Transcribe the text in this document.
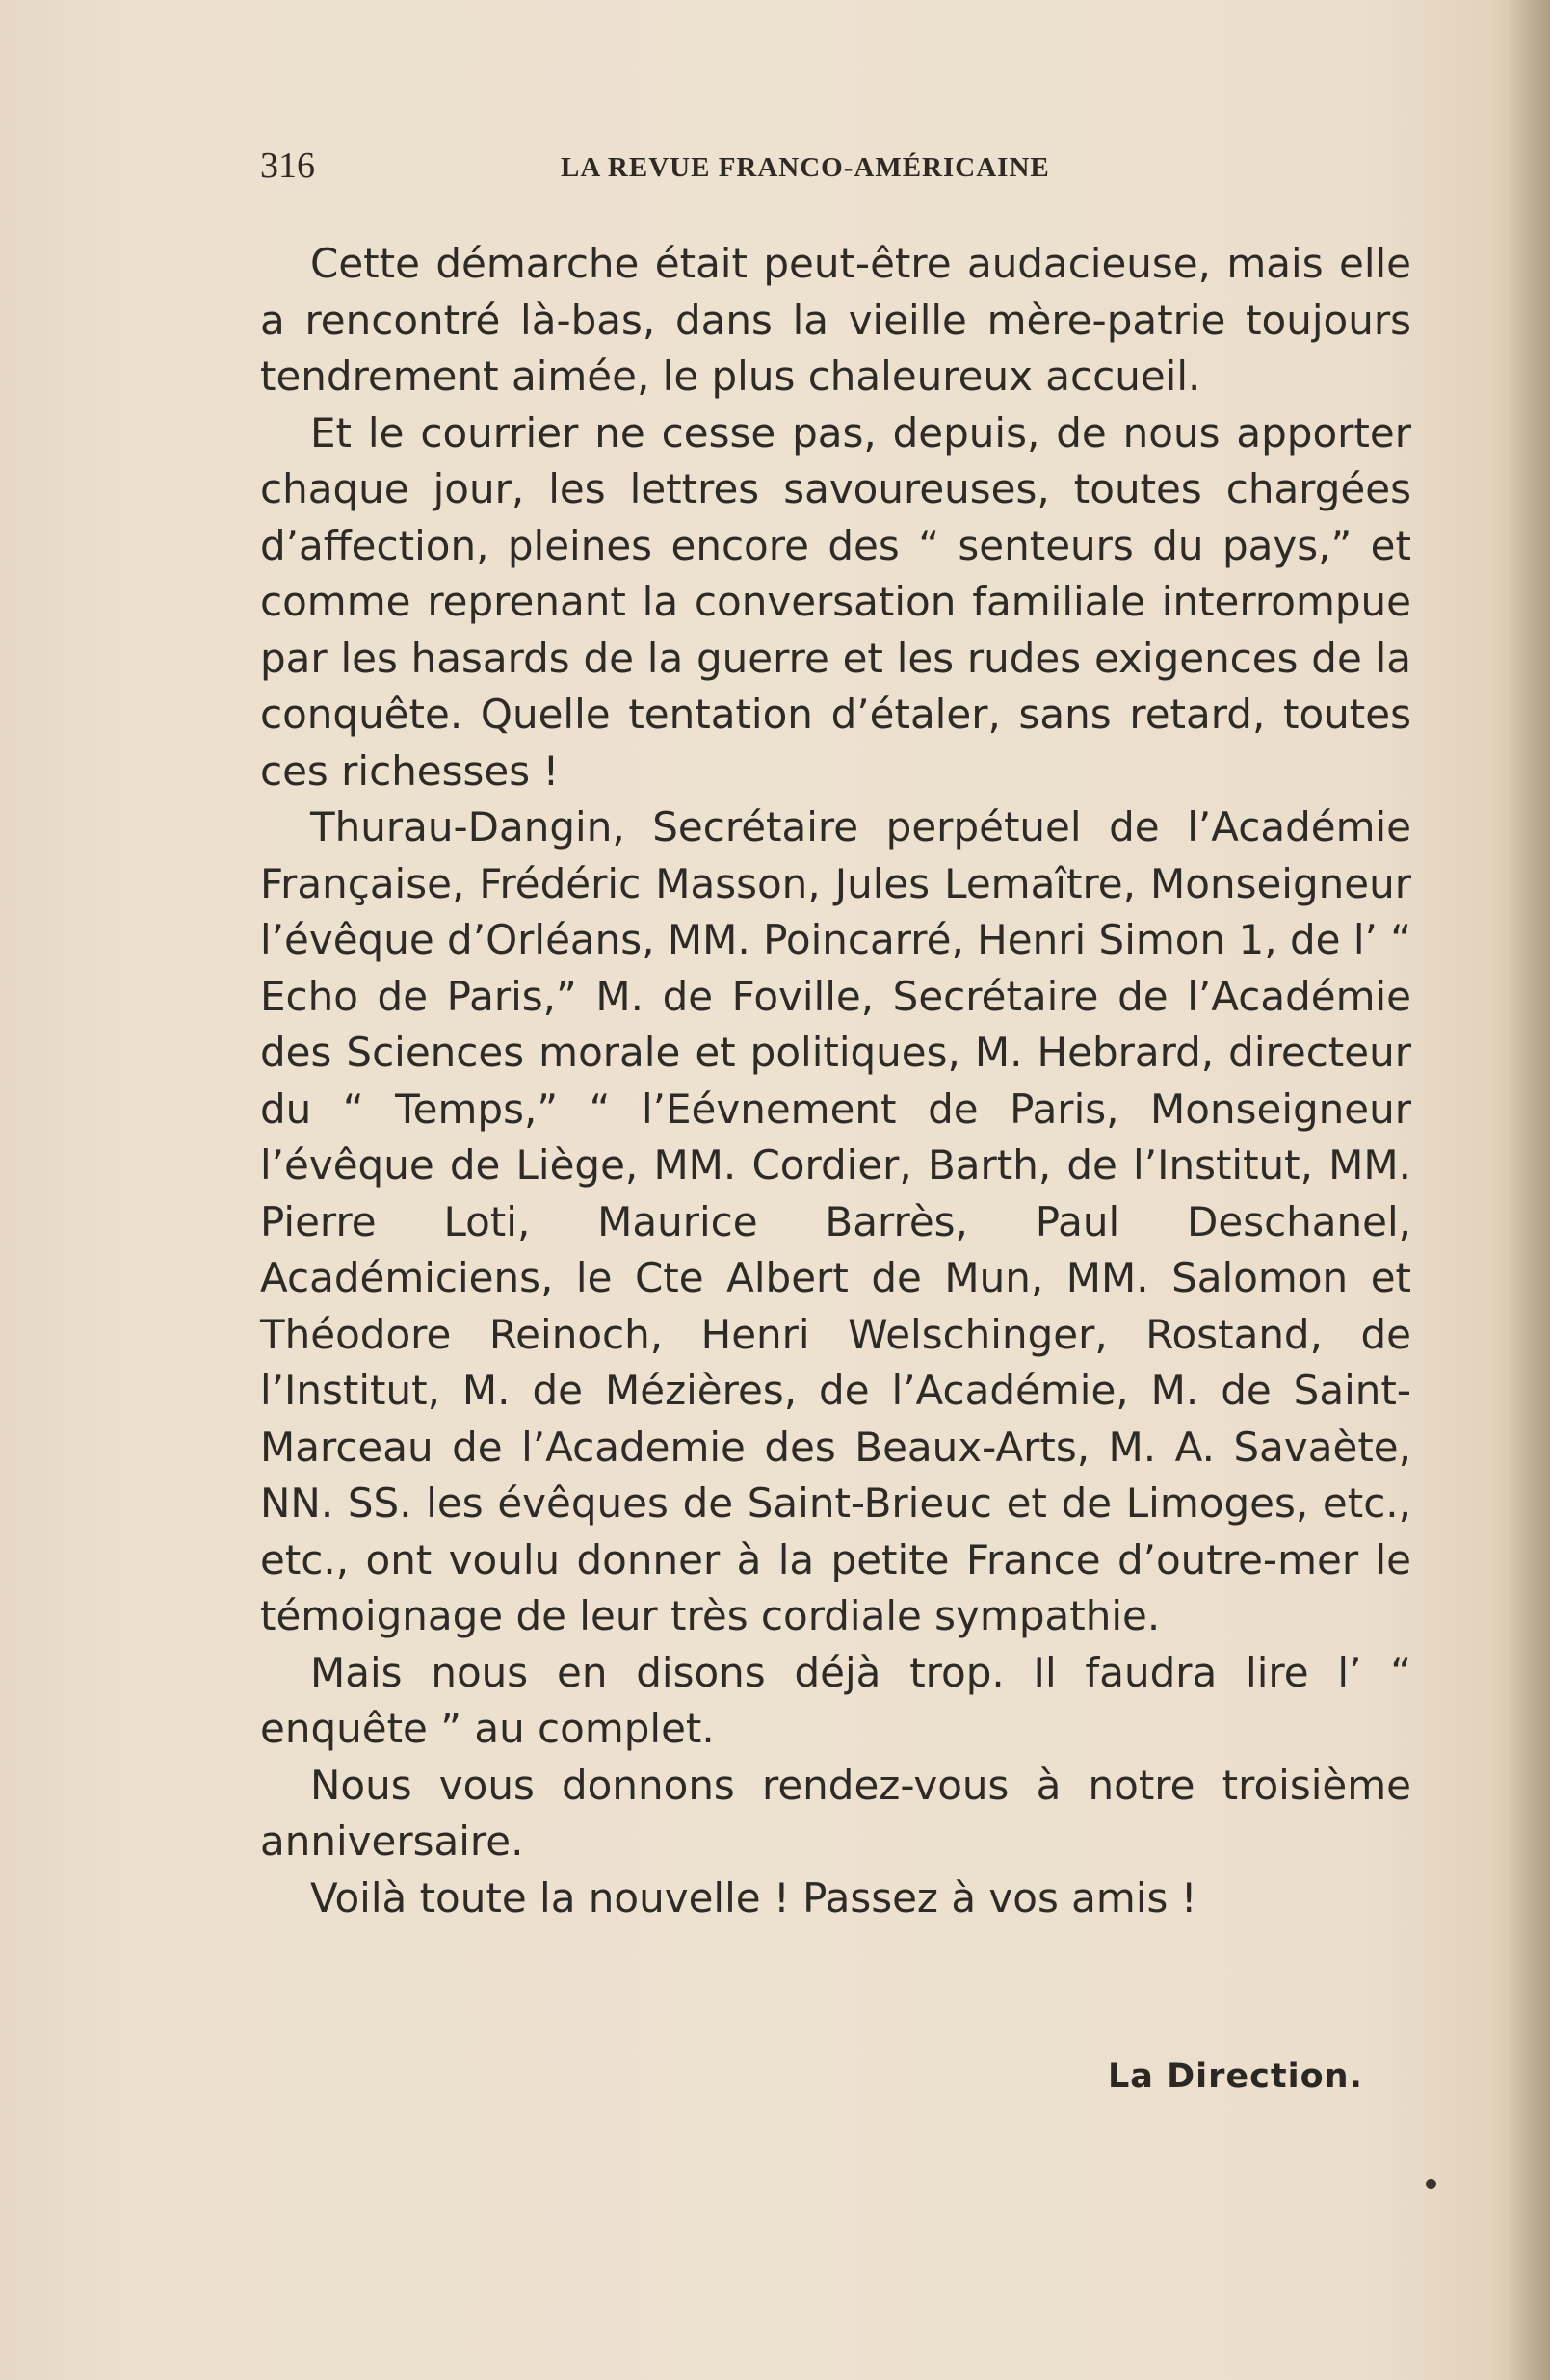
316	LA REVUE FRANCO-AMÉRICAINE

Cette démarche était peut-être audacieuse, mais elle a rencontré là-bas, dans la vieille mère-patrie toujours tendrement aimée, le plus chaleureux accueil.

Et le courrier ne cesse pas, depuis, de nous apporter chaque jour, les lettres savoureuses, toutes chargées d’affection, pleines encore des “ senteurs du pays,” et comme reprenant la conversation familiale interrompue par les hasards de la guerre et les rudes exigences de la conquête. Quelle tentation d’étaler, sans retard, toutes ces richesses !

Thurau-Dangin, Secrétaire perpétuel de l’Académie Française, Frédéric Masson, Jules Lemaître, Monseigneur l’évêque d’Orléans, MM. Poincarré, Henri Simon 1, de l’ “ Echo de Paris,” M. de Foville, Secrétaire de l’Académie des Sciences morale et politiques, M. Hebrard, directeur du “ Temps,” “ l’Eévnement de Paris, Monseigneur l’évêque de Liège, MM. Cordier, Barth, de l’Institut, MM. Pierre Loti, Maurice Barrès, Paul Deschanel, Académiciens, le Cte Albert de Mun, MM. Salomon et Théodore Reinoch, Henri Welschinger, Rostand, de l’Institut, M. de Mézières, de l’Académie, M. de Saint-Marceau de l’Academie des Beaux-Arts, M. A. Savaète, NN. SS. les évêques de Saint-Brieuc et de Limoges, etc., etc., ont voulu donner à la petite France d’outre-mer le témoignage de leur très cordiale sympathie.

Mais nous en disons déjà trop. Il faudra lire l’ “ enquête ” au complet.

Nous vous donnons rendez-vous à notre troisième anniversaire.

Voilà toute la nouvelle ! Passez à vos amis !

La Direction.
